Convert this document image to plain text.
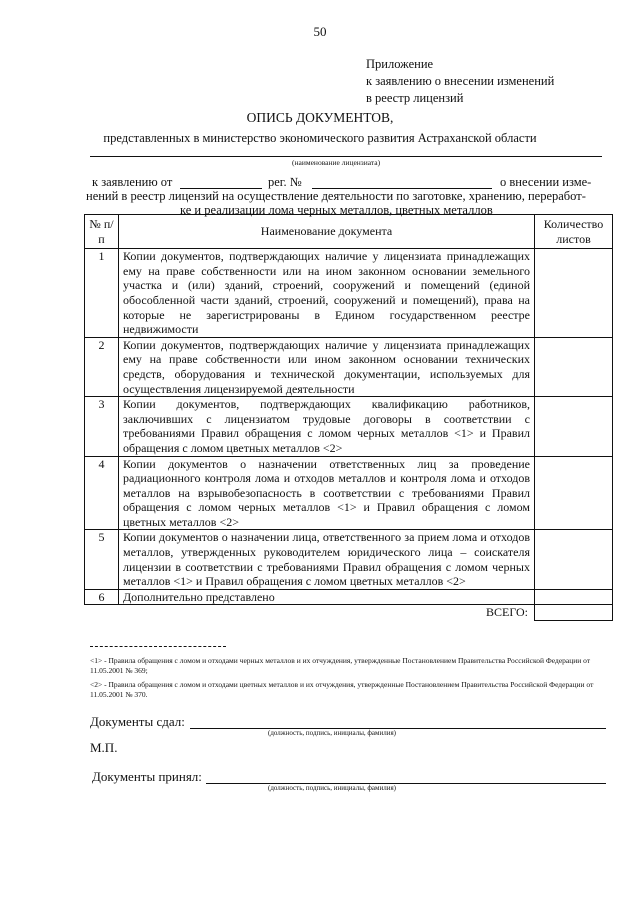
50
Приложение
к заявлению о внесении изменений
в реестр лицензий
ОПИСЬ ДОКУМЕНТОВ,
представленных в министерство экономического развития Астраханской области
(наименование лицензиата)
к заявлению от	рег. №	о внесении изме-
нений в реестр лицензий на осуществление деятельности по заготовке, хранению, переработ-
ке и реализации лома черных металлов, цветных металлов
№ п/п	Наименование документа	Количество листов
1	Копии документов, подтверждающих наличие у лицензиата принадлежащих ему на праве собственности или на ином законном основании земельного участка и (или) зданий, строений, сооружений и помещений (единой обособленной части зданий, строений, сооружений и помещений), права на которые не зарегистрированы в Едином государственном реестре недвижимости	
2	Копии документов, подтверждающих наличие у лицензиата принадлежащих ему на праве собственности или ином законном основании технических средств, оборудования и технической документации, используемых для осуществления лицензируемой деятельности	
3	Копии документов, подтверждающих квалификацию работников, заключивших с лицензиатом трудовые договоры в соответствии с требованиями Правил обращения с ломом черных металлов <1> и Правил обращения с ломом цветных металлов <2>	
4	Копии документов о назначении ответственных лиц за проведение радиационного контроля лома и отходов металлов и контроля лома и отходов металлов на взрывобезопасность в соответствии с требованиями Правил обращения с ломом черных металлов <1> и Правил обращения с ломом цветных металлов <2>	
5	Копии документов о назначении лица, ответственного за прием лома и отходов металлов, утвержденных руководителем юридического лица – соискателя лицензии в соответствии с требованиями Правил обращения с ломом черных металлов <1> и Правил обращения с ломом цветных металлов <2>	
6	Дополнительно представлено	
	ВСЕГО:	
<1> - Правила обращения с ломом и отходами черных металлов и их отчуждения, утвержденные Постановлением Правительства Российской Федерации от 11.05.2001 № 369;
<2> - Правила обращения с ломом и отходами цветных металлов и их отчуждения, утвержденные Постановлением Правительства Российской Федерации от 11.05.2001 № 370.
Документы сдал:
(должность, подпись, инициалы, фамилия)
М.П.
Документы принял:
(должность, подпись, инициалы, фамилия)
